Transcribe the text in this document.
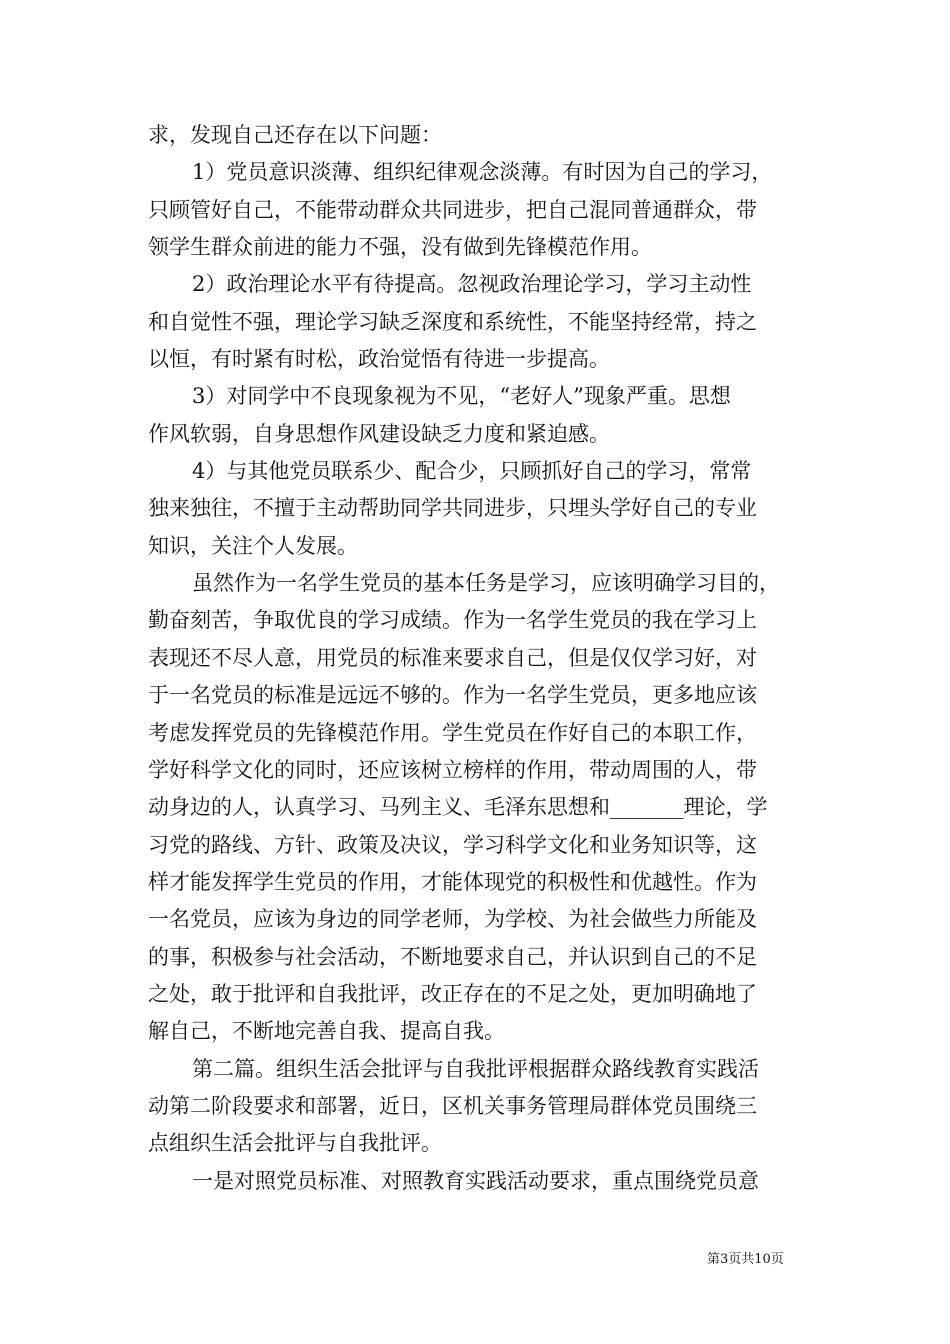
求，发现自己还存在以下问题：
1）党员意识淡薄、组织纪律观念淡薄。有时因为自己的学习，
只顾管好自己，不能带动群众共同进步，把自己混同普通群众，带
领学生群众前进的能力不强，没有做到先锋模范作用。
2）政治理论水平有待提高。忽视政治理论学习，学习主动性
和自觉性不强，理论学习缺乏深度和系统性，不能坚持经常，持之
以恒，有时紧有时松，政治觉悟有待进一步提高。
3）对同学中不良现象视为不见，“老好人”现象严重。思想
作风软弱，自身思想作风建设缺乏力度和紧迫感。
4）与其他党员联系少、配合少，只顾抓好自己的学习，常常
独来独往，不擅于主动帮助同学共同进步，只埋头学好自己的专业
知识，关注个人发展。
虽然作为一名学生党员的基本任务是学习，应该明确学习目的，
勤奋刻苦，争取优良的学习成绩。作为一名学生党员的我在学习上
表现还不尽人意，用党员的标准来要求自己，但是仅仅学习好，对
于一名党员的标准是远远不够的。作为一名学生党员，更多地应该
考虑发挥党员的先锋模范作用。学生党员在作好自己的本职工作，
学好科学文化的同时，还应该树立榜样的作用，带动周围的人，带
动身边的人，认真学习、马列主义、毛泽东思想和_______理论，学
习党的路线、方针、政策及决议，学习科学文化和业务知识等，这
样才能发挥学生党员的作用，才能体现党的积极性和优越性。作为
一名党员，应该为身边的同学老师，为学校、为社会做些力所能及
的事，积极参与社会活动，不断地要求自己，并认识到自己的不足
之处，敢于批评和自我批评，改正存在的不足之处，更加明确地了
解自己，不断地完善自我、提高自我。
第二篇。组织生活会批评与自我批评根据群众路线教育实践活
动第二阶段要求和部署，近日，区机关事务管理局群体党员围绕三
点组织生活会批评与自我批评。
一是对照党员标准、对照教育实践活动要求，重点围绕党员意
第3页共10页
